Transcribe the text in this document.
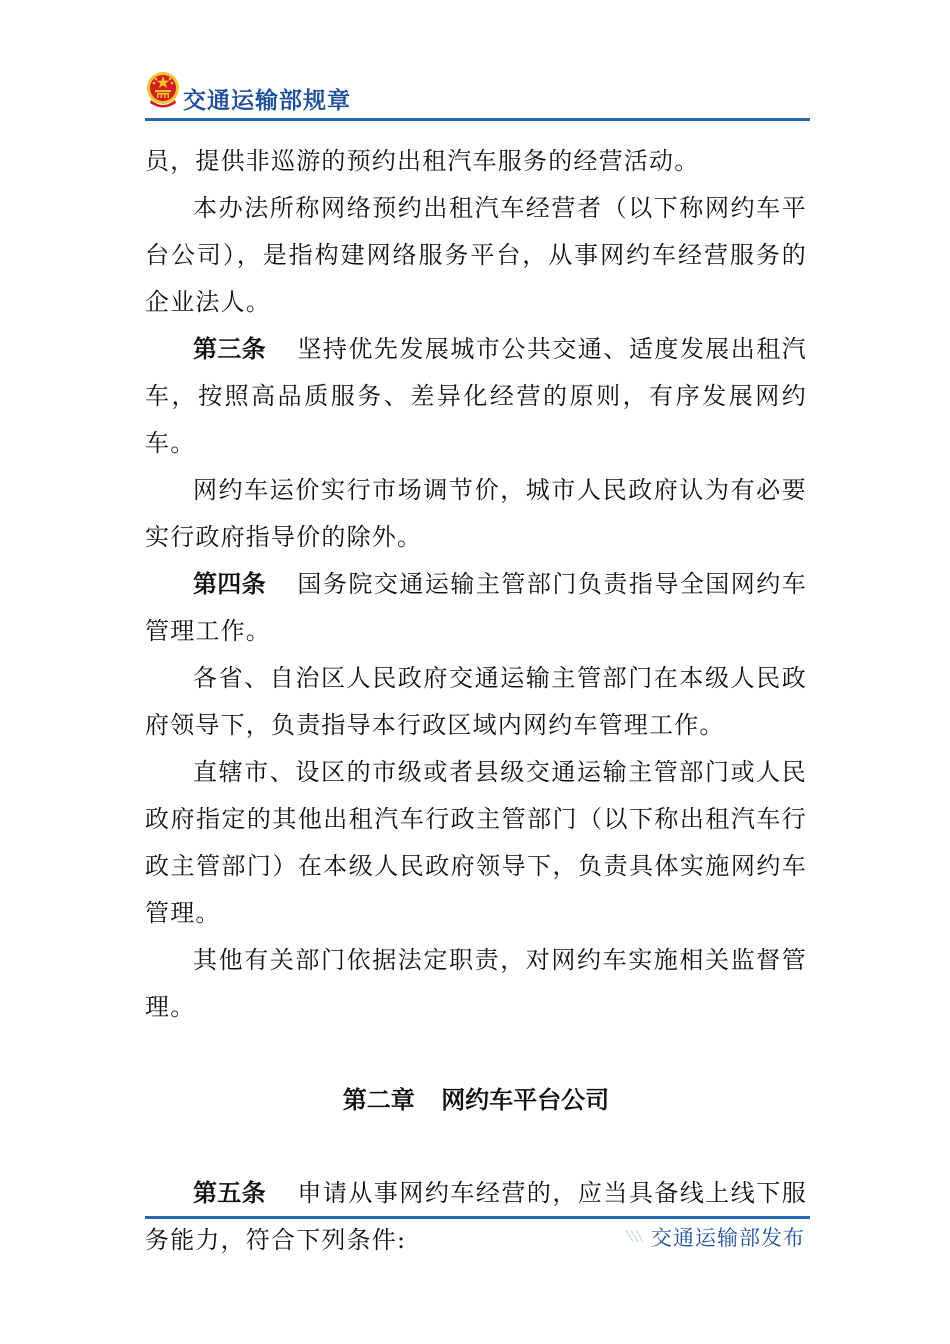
交通运输部规章

员，提供非巡游的预约出租汽车服务的经营活动。

本办法所称网络预约出租汽车经营者（以下称网约车平台公司），是指构建网络服务平台，从事网约车经营服务的企业法人。

第三条 坚持优先发展城市公共交通、适度发展出租汽车，按照高品质服务、差异化经营的原则，有序发展网约车。

网约车运价实行市场调节价，城市人民政府认为有必要实行政府指导价的除外。

第四条 国务院交通运输主管部门负责指导全国网约车管理工作。

各省、自治区人民政府交通运输主管部门在本级人民政府领导下，负责指导本行政区域内网约车管理工作。

直辖市、设区的市级或者县级交通运输主管部门或人民政府指定的其他出租汽车行政主管部门（以下称出租汽车行政主管部门）在本级人民政府领导下，负责具体实施网约车管理。

其他有关部门依据法定职责，对网约车实施相关监督管理。

第二章 网约车平台公司

第五条 申请从事网约车经营的，应当具备线上线下服务能力，符合下列条件:	交通运输部发布
